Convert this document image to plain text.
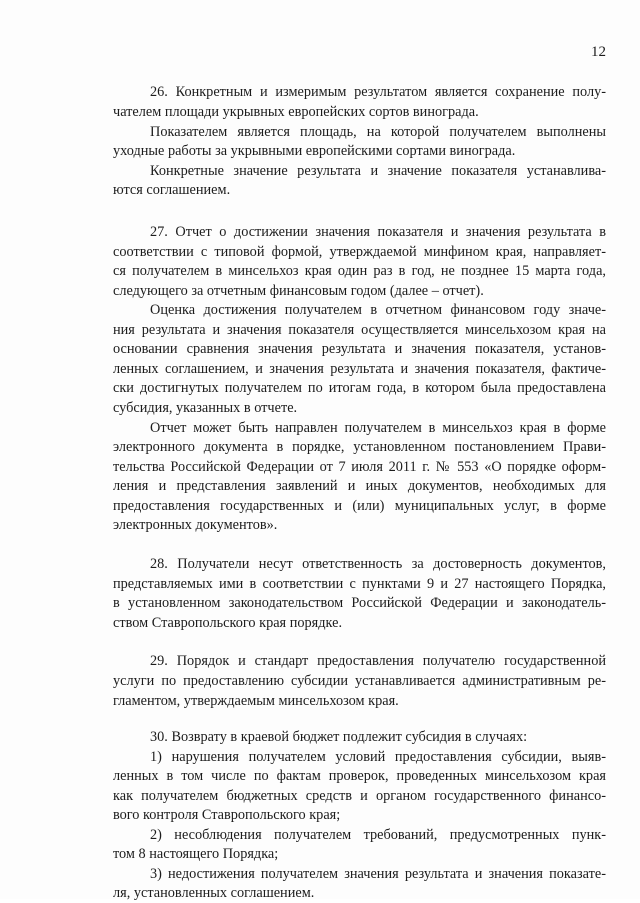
12
26. Конкретным и измеримым результатом является сохранение полу-
чателем площади укрывных европейских сортов винограда.
Показателем является площадь, на которой получателем выполнены
уходные работы за укрывными европейскими сортами винограда.
Конкретные значение результата и значение показателя устанавлива-
ются соглашением.
27. Отчет о достижении значения показателя и значения результата в
соответствии с типовой формой, утверждаемой минфином края, направляет-
ся получателем в минсельхоз края один раз в год, не позднее 15 марта года,
следующего за отчетным финансовым годом (далее – отчет).
Оценка достижения получателем в отчетном финансовом году значе-
ния результата и значения показателя осуществляется минсельхозом края на
основании сравнения значения результата и значения показателя, установ-
ленных соглашением, и значения результата и значения показателя, фактиче-
ски достигнутых получателем по итогам года, в котором была предоставлена
субсидия, указанных в отчете.
Отчет может быть направлен получателем в минсельхоз края в форме
электронного документа в порядке, установленном постановлением Прави-
тельства Российской Федерации от 7 июля 2011 г. № 553 «О порядке оформ-
ления и представления заявлений и иных документов, необходимых для
предоставления государственных и (или) муниципальных услуг, в форме
электронных документов».
28. Получатели несут ответственность за достоверность документов,
представляемых ими в соответствии с пунктами 9 и 27 настоящего Порядка,
в установленном законодательством Российской Федерации и законодатель-
ством Ставропольского края порядке.
29. Порядок и стандарт предоставления получателю государственной
услуги по предоставлению субсидии устанавливается административным ре-
гламентом, утверждаемым минсельхозом края.
30. Возврату в краевой бюджет подлежит субсидия в случаях:
1) нарушения получателем условий предоставления субсидии, выяв-
ленных в том числе по фактам проверок, проведенных минсельхозом края
как получателем бюджетных средств и органом государственного финансо-
вого контроля Ставропольского края;
2) несоблюдения получателем требований, предусмотренных пунк-
том 8 настоящего Порядка;
3) недостижения получателем значения результата и значения показате-
ля, установленных соглашением.
